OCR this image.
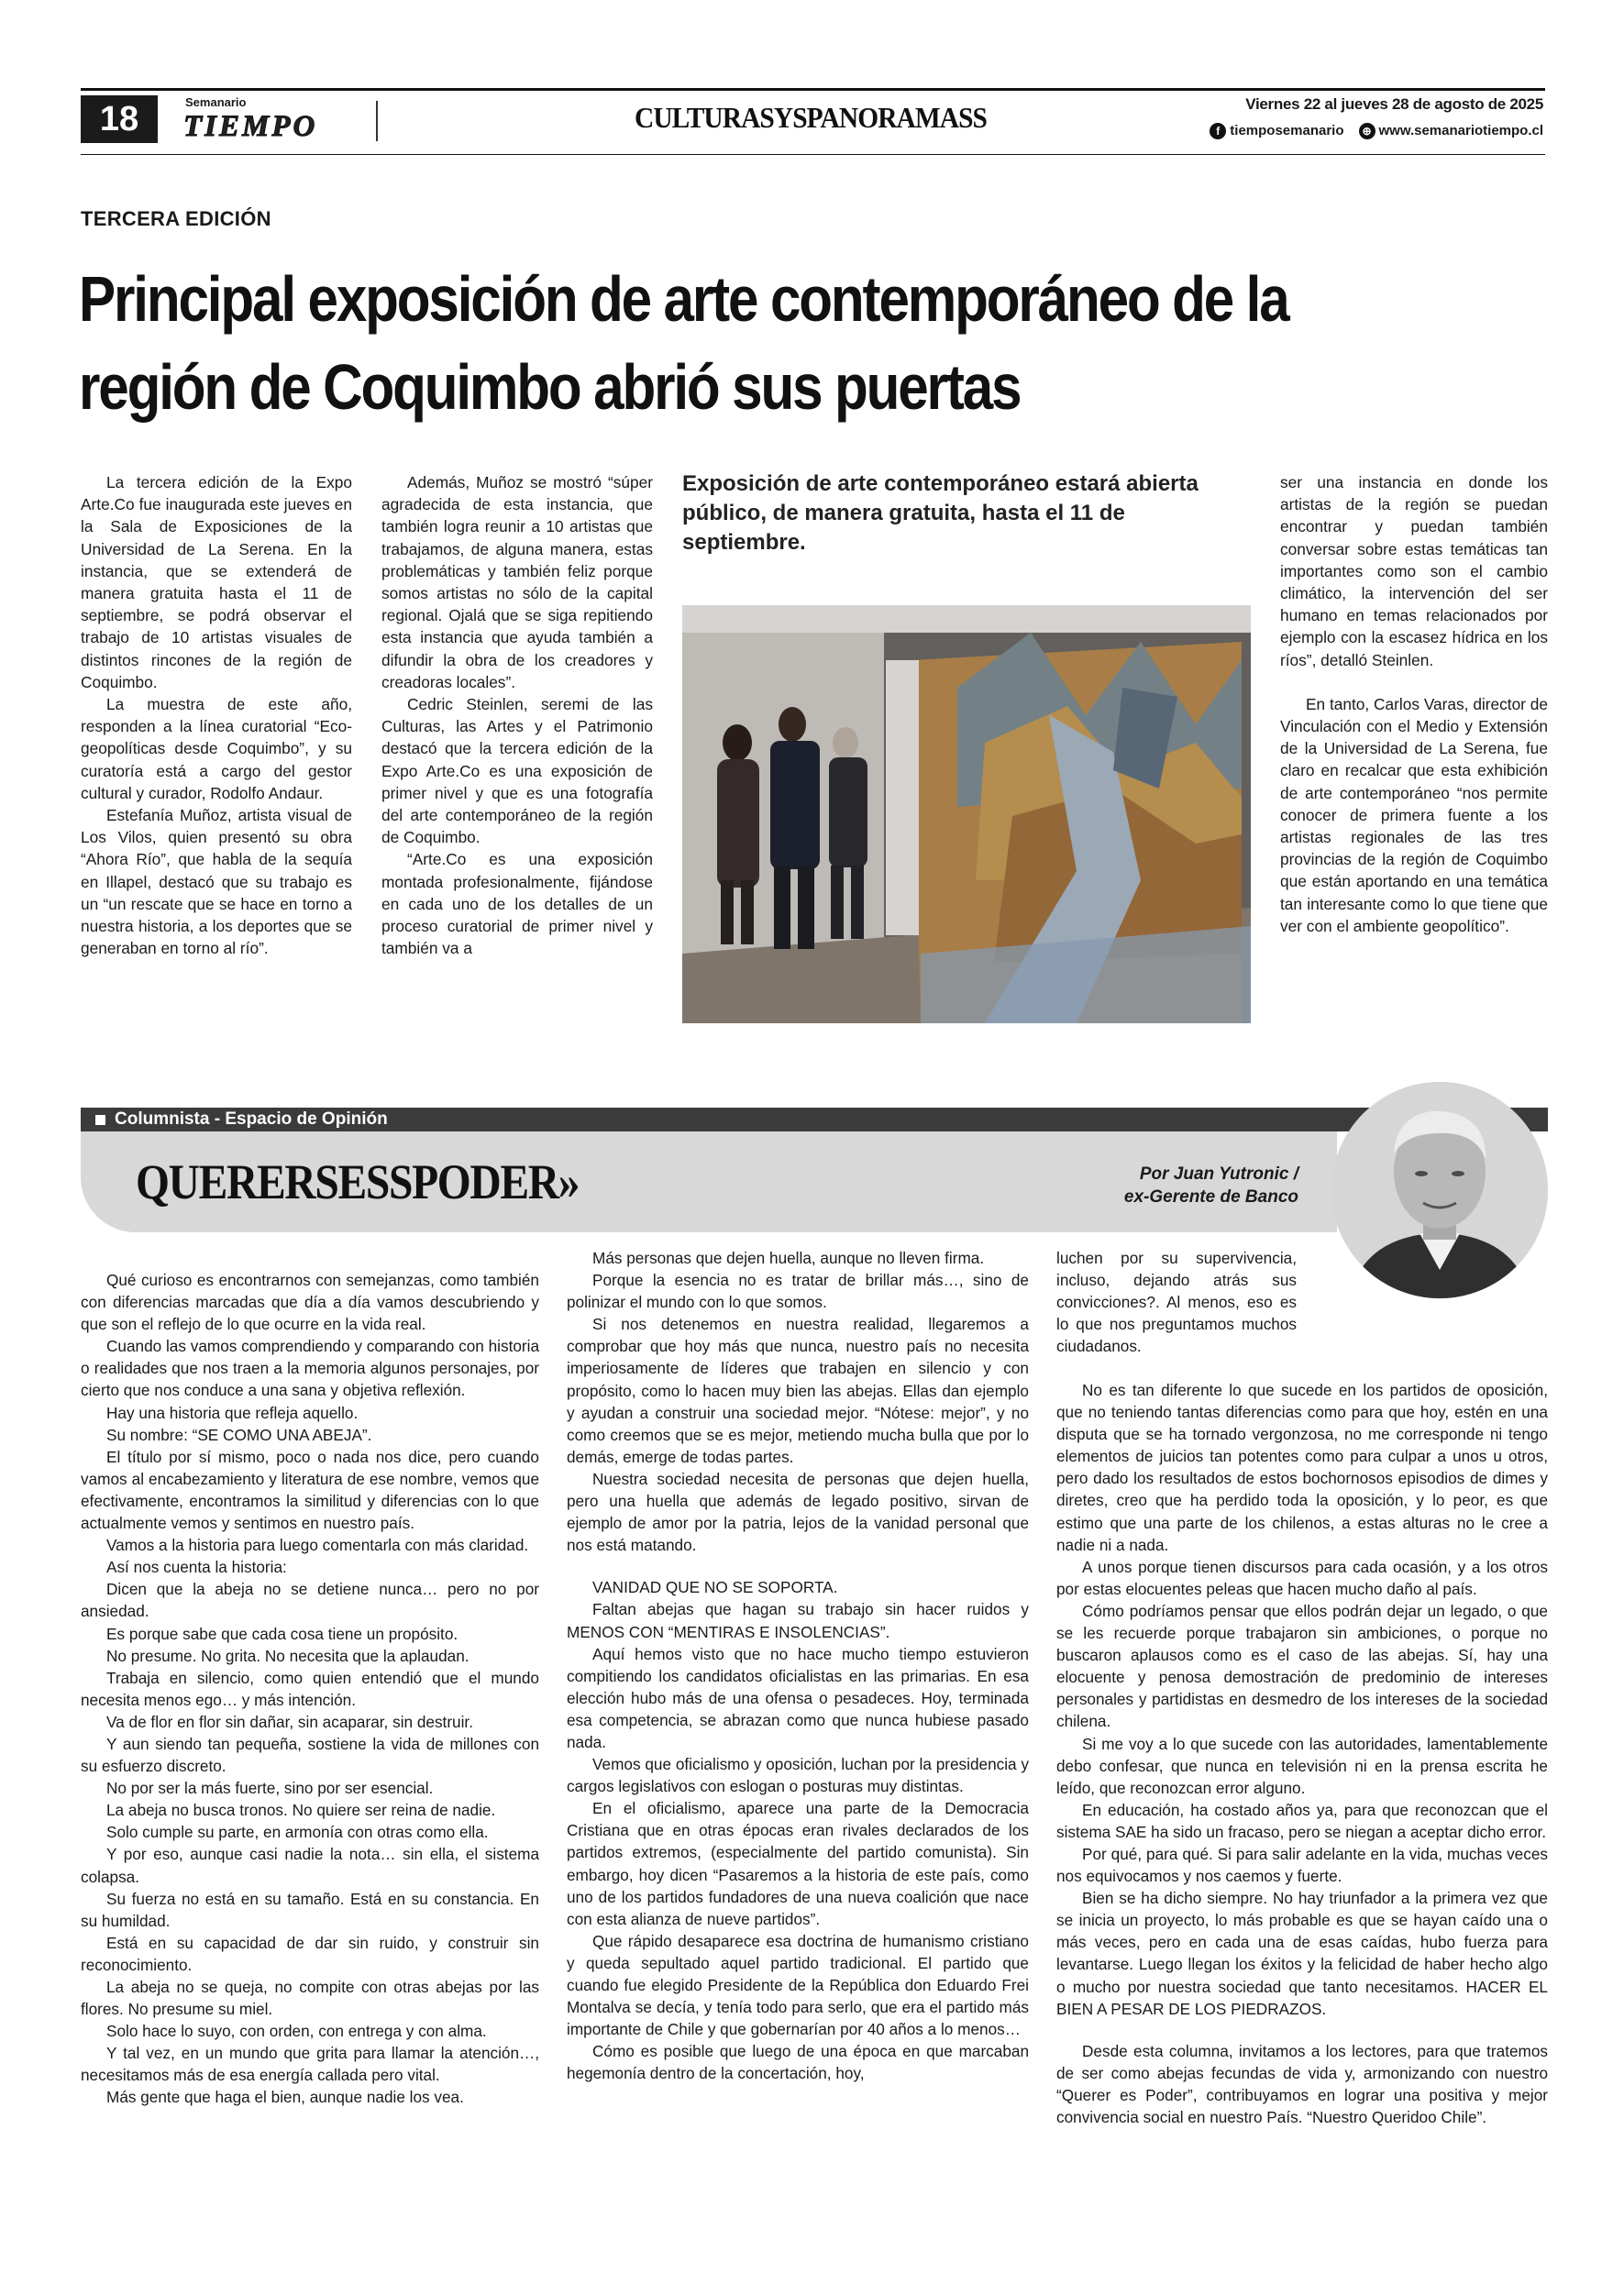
18	Semanario
TIEMPO	CULTURASYSPANORAMASS	Viernes 22 al jueves 28 de agosto de 2025
f tiemposemanario	⊕ www.semanariotiempo.cl
TERCERA EDICIÓN
Principal exposición de arte contemporáneo de la región de Coquimbo abrió sus puertas

La tercera edición de la Expo Arte.Co fue inaugurada este jueves en la Sala de Exposiciones de la Universidad de La Serena. En la instancia, que se extenderá de manera gratuita hasta el 11 de septiembre, se podrá observar el trabajo de 10 artistas visuales de distintos rincones de la región de Coquimbo.

La muestra de este año, responden a la línea curatorial “Eco-geopolíticas desde Coquimbo”, y su curatoría está a cargo del gestor cultural y curador, Rodolfo Andaur.

Estefanía Muñoz, artista visual de Los Vilos, quien presentó su obra “Ahora Río”, que habla de la sequía en Illapel, destacó que su trabajo es un “un rescate que se hace en torno a nuestra historia, a los deportes que se generaban en torno al río”.

Además, Muñoz se mostró “súper agradecida de esta instancia, que también logra reunir a 10 artistas que trabajamos, de alguna manera, estas problemáticas y también feliz porque somos artistas no sólo de la capital regional. Ojalá que se siga repitiendo esta instancia que ayuda también a difundir la obra de los creadores y creadoras locales”.

Cedric Steinlen, seremi de las Culturas, las Artes y el Patrimonio destacó que la tercera edición de la Expo Arte.Co es una exposición de primer nivel y que es una fotografía del arte contemporáneo de la región de Coquimbo.

“Arte.Co es una exposición montada profesionalmente, fijándose en cada uno de los detalles de un proceso curatorial de primer nivel y también va a

Exposición de arte contemporáneo estará abierta público, de manera gratuita, hasta el 11 de septiembre.

ser una instancia en donde los artistas de la región se puedan encontrar y puedan también conversar sobre estas temáticas tan importantes como son el cambio climático, la intervención del ser humano en temas relacionados por ejemplo con la escasez hídrica en los ríos”, detalló Steinlen.

En tanto, Carlos Varas, director de Vinculación con el Medio y Extensión de la Universidad de La Serena, fue claro en recalcar que esta exhibición de arte contemporáneo “nos permite conocer de primera fuente a los artistas regionales de las tres provincias de la región de Coquimbo que están aportando en una temática tan interesante como lo que tiene que ver con el ambiente geopolítico”.

Columnista - Espacio de Opinión
QUERERSESSPODER»	Por Juan Yutronic /
ex-Gerente de Banco

Qué curioso es encontrarnos con semejanzas, como también con diferencias marcadas que día a día vamos descubriendo y que son el reflejo de lo que ocurre en la vida real.

Cuando las vamos comprendiendo y comparando con historia o realidades que nos traen a la memoria algunos personajes, por cierto que nos conduce a una sana y objetiva reflexión.

Hay una historia que refleja aquello.

Su nombre: “SE COMO UNA ABEJA”.

El título por sí mismo, poco o nada nos dice, pero cuando vamos al encabezamiento y literatura de ese nombre, vemos que efectivamente, encontramos la similitud y diferencias con lo que actualmente vemos y sentimos en nuestro país.

Vamos a la historia para luego comentarla con más claridad.

Así nos cuenta la historia:

Dicen que la abeja no se detiene nunca… pero no por ansiedad.

Es porque sabe que cada cosa tiene un propósito.

No presume. No grita. No necesita que la aplaudan.

Trabaja en silencio, como quien entendió que el mundo necesita menos ego… y más intención.

Va de flor en flor sin dañar, sin acaparar, sin destruir.

Y aun siendo tan pequeña, sostiene la vida de millones con su esfuerzo discreto.

No por ser la más fuerte, sino por ser esencial.

La abeja no busca tronos. No quiere ser reina de nadie.

Solo cumple su parte, en armonía con otras como ella.

Y por eso, aunque casi nadie la nota… sin ella, el sistema colapsa.

Su fuerza no está en su tamaño. Está en su constancia. En su humildad.

Está en su capacidad de dar sin ruido, y construir sin reconocimiento.

La abeja no se queja, no compite con otras abejas por las flores. No presume su miel.

Solo hace lo suyo, con orden, con entrega y con alma.

Y tal vez, en un mundo que grita para llamar la atención…, necesitamos más de esa energía callada pero vital.

Más gente que haga el bien, aunque nadie los vea.

Más personas que dejen huella, aunque no lleven firma.

Porque la esencia no es tratar de brillar más…, sino de polinizar el mundo con lo que somos.

Si nos detenemos en nuestra realidad, llegaremos a comprobar que hoy más que nunca, nuestro país no necesita imperiosamente de líderes que trabajen en silencio y con propósito, como lo hacen muy bien las abejas. Ellas dan ejemplo y ayudan a construir una sociedad mejor. “Nótese: mejor”, y no como creemos que se es mejor, metiendo mucha bulla que por lo demás, emerge de todas partes.

Nuestra sociedad necesita de personas que dejen huella, pero una huella que además de legado positivo, sirvan de ejemplo de amor por la patria, lejos de la vanidad personal que nos está matando.

VANIDAD QUE NO SE SOPORTA.

Faltan abejas que hagan su trabajo sin hacer ruidos y MENOS CON “MENTIRAS E INSOLENCIAS”.

Aquí hemos visto que no hace mucho tiempo estuvieron compitiendo los candidatos oficialistas en las primarias. En esa elección hubo más de una ofensa o pesadeces. Hoy, terminada esa competencia, se abrazan como que nunca hubiese pasado nada.

Vemos que oficialismo y oposición, luchan por la presidencia y cargos legislativos con eslogan o posturas muy distintas.

En el oficialismo, aparece una parte de la Democracia Cristiana que en otras épocas eran rivales declarados de los partidos extremos, (especialmente del partido comunista). Sin embargo, hoy dicen “Pasaremos a la historia de este país, como uno de los partidos fundadores de una nueva coalición que nace con esta alianza de nueve partidos”.

Que rápido desaparece esa doctrina de humanismo cristiano y queda sepultado aquel partido tradicional. El partido que cuando fue elegido Presidente de la República don Eduardo Frei Montalva se decía, y tenía todo para serlo, que era el partido más importante de Chile y que gobernarían por 40 años a lo menos…

Cómo es posible que luego de una época en que marcaban hegemonía dentro de la concertación, hoy,

luchen por su supervivencia, incluso, dejando atrás sus convicciones?. Al menos, eso es lo que nos preguntamos muchos ciudadanos.

No es tan diferente lo que sucede en los partidos de oposición, que no teniendo tantas diferencias como para que hoy, estén en una disputa que se ha tornado vergonzosa, no me corresponde ni tengo elementos de juicios tan potentes como para culpar a unos u otros, pero dado los resultados de estos bochornosos episodios de dimes y diretes, creo que ha perdido toda la oposición, y lo peor, es que estimo que una parte de los chilenos, a estas alturas no le cree a nadie ni a nada.

A unos porque tienen discursos para cada ocasión, y a los otros por estas elocuentes peleas que hacen mucho daño al país.

Cómo podríamos pensar que ellos podrán dejar un legado, o que se les recuerde porque trabajaron sin ambiciones, o porque no buscaron aplausos como es el caso de las abejas. Sí, hay una elocuente y penosa demostración de predominio de intereses personales y partidistas en desmedro de los intereses de la sociedad chilena.

Si me voy a lo que sucede con las autoridades, lamentablemente debo confesar, que nunca en televisión ni en la prensa escrita he leído, que reconozcan error alguno.

En educación, ha costado años ya, para que reconozcan que el sistema SAE ha sido un fracaso, pero se niegan a aceptar dicho error.

Por qué, para qué. Si para salir adelante en la vida, muchas veces nos equivocamos y nos caemos y fuerte.

Bien se ha dicho siempre. No hay triunfador a la primera vez que se inicia un proyecto, lo más probable es que se hayan caído una o más veces, pero en cada una de esas caídas, hubo fuerza para levantarse. Luego llegan los éxitos y la felicidad de haber hecho algo o mucho por nuestra sociedad que tanto necesitamos. HACER EL BIEN A PESAR DE LOS PIEDRAZOS.

Desde esta columna, invitamos a los lectores, para que tratemos de ser como abejas fecundas de vida y, armonizando con nuestro “Querer es Poder”, contribuyamos en lograr una positiva y mejor convivencia social en nuestro País. “Nuestro Queridoo Chile”.
